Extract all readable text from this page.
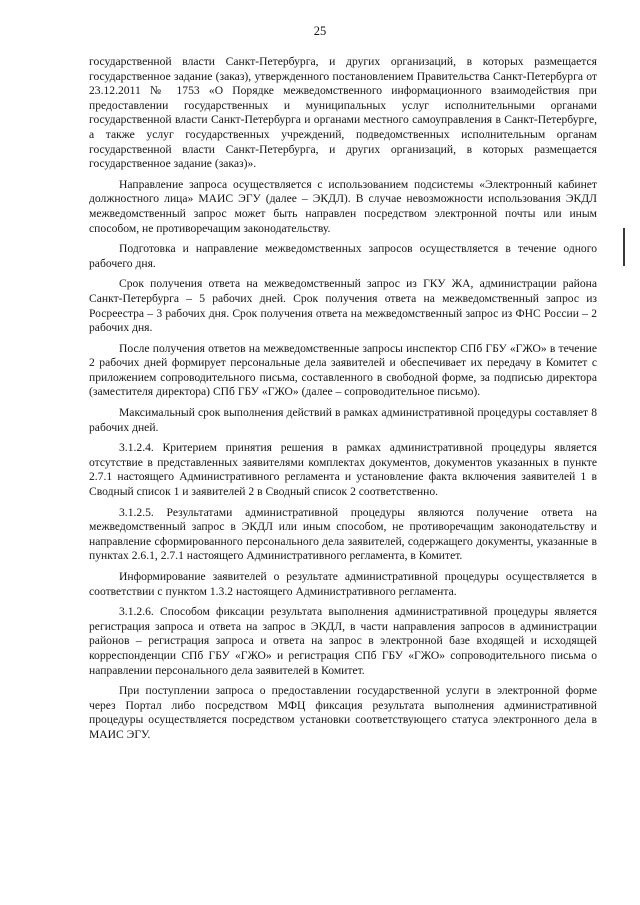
25

государственной власти Санкт-Петербурга, и других организаций, в которых размещается государственное задание (заказ), утвержденного постановлением Правительства Санкт-Петербурга от 23.12.2011 № 1753 «О Порядке межведомственного информационного взаимодействия при предоставлении государственных и муниципальных услуг исполнительными органами государственной власти Санкт-Петербурга и органами местного самоуправления в Санкт-Петербурге, а также услуг государственных учреждений, подведомственных исполнительным органам государственной власти Санкт-Петербурга, и других организаций, в которых размещается государственное задание (заказ)».

Направление запроса осуществляется с использованием подсистемы «Электронный кабинет должностного лица» МАИС ЭГУ (далее – ЭКДЛ). В случае невозможности использования ЭКДЛ межведомственный запрос может быть направлен посредством электронной почты или иным способом, не противоречащим законодательству.

Подготовка и направление межведомственных запросов осуществляется в течение одного рабочего дня.

Срок получения ответа на межведомственный запрос из ГКУ ЖА, администрации района Санкт-Петербурга – 5 рабочих дней. Срок получения ответа на межведомственный запрос из Росреестра – 3 рабочих дня. Срок получения ответа на межведомственный запрос из ФНС России – 2 рабочих дня.

После получения ответов на межведомственные запросы инспектор СПб ГБУ «ГЖО» в течение 2 рабочих дней формирует персональные дела заявителей и обеспечивает их передачу в Комитет с приложением сопроводительного письма, составленного в свободной форме, за подписью директора (заместителя директора) СПб ГБУ «ГЖО» (далее – сопроводительное письмо).

Максимальный срок выполнения действий в рамках административной процедуры составляет 8 рабочих дней.

3.1.2.4. Критерием принятия решения в рамках административной процедуры является отсутствие в представленных заявителями комплектах документов, документов указанных в пункте 2.7.1 настоящего Административного регламента и установление факта включения заявителей 1 в Сводный список 1 и заявителей 2 в Сводный список 2 соответственно.

3.1.2.5. Результатами административной процедуры являются получение ответа на межведомственный запрос в ЭКДЛ или иным способом, не противоречащим законодательству и направление сформированного персонального дела заявителей, содержащего документы, указанные в пунктах 2.6.1, 2.7.1 настоящего Административного регламента, в Комитет.

Информирование заявителей о результате административной процедуры осуществляется в соответствии с пунктом 1.3.2 настоящего Административного регламента.

3.1.2.6. Способом фиксации результата выполнения административной процедуры является регистрация запроса и ответа на запрос в ЭКДЛ, в части направления запросов в администрации районов – регистрация запроса и ответа на запрос в электронной базе входящей и исходящей корреспонденции СПб ГБУ «ГЖО» и регистрация СПб ГБУ «ГЖО» сопроводительного письма о направлении персонального дела заявителей в Комитет.

При поступлении запроса о предоставлении государственной услуги в электронной форме через Портал либо посредством МФЦ фиксация результата выполнения административной процедуры осуществляется посредством установки соответствующего статуса электронного дела в МАИС ЭГУ.
